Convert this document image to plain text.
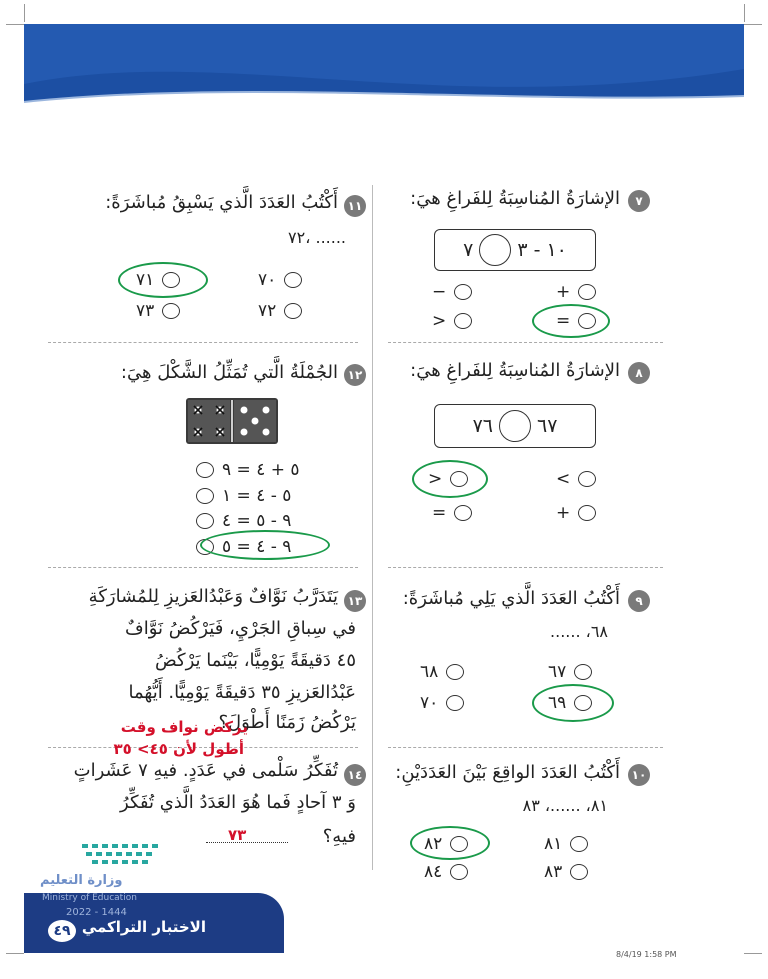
٧
الإشارَةُ المُناسِبَةُ لِلفَراغِ هيَ:
٧ ١٠ - ٣
+
−
=
>
٨
الإشارَةُ المُناسِبَةُ لِلفَراغِ هيَ:
٧٦ ٦٧
<
>
+
=
٩
أَكْتُبُ العَدَدَ الَّذي يَلِي مُباشَرَةً:
٦٨، ......
٦٧
٦٨
٦٩
٧٠
١٠
أَكْتُبُ العَدَدَ الواقِعَ بَيْنَ العَدَدَيْنِ:
٨١، ......، ٨٣
٨١
٨٢
٨٣
٨٤
١١
أَكْتُبُ العَدَدَ الَّذي يَسْبِقُ مُباشَرَةً:
...... ،٧٢
٧٠
٧١
٧٢
٧٣
١٢
الجُمْلَةُ الَّتي تُمَثِّلُ الشَّكْلَ هِيَ:
٥ + ٤ = ٩
٥ - ٤ = ١
٩ - ٥ = ٤
٩ - ٤ = ٥
١٣
يَتَدَرَّبُ نَوَّافٌ وَعَبْدُالعَزيزِ لِلمُشارَكَةِ
في سِباقِ الجَرْيِ، فَيَرْكُضُ نَوَّافٌ
٤٥ دَقيقَةً يَوْمِيًّا، بَيْنَما يَرْكُضُ
عَبْدُالعَزيزِ ٣٥ دَقيقَةً يَوْمِيًّا. أَيُّهُما
يَرْكُضُ زَمَنًا أَطْوَلَ؟
يركض نواف وقت
أطول لأن ٤٥> ٣٥
١٤
تُفَكِّرُ سَلْمى في عَدَدٍ. فيهِ ٧ عَشَراتٍ
وَ ٣ آحادٍ فَما هُوَ العَدَدُ الَّذي تُفَكِّرُ
فيهِ؟
٧٣
وزارة التعليم
Ministry of Education
2022 - 1444
٤٩ الاختبار التراكمي
8/4/19 1:58 PM
